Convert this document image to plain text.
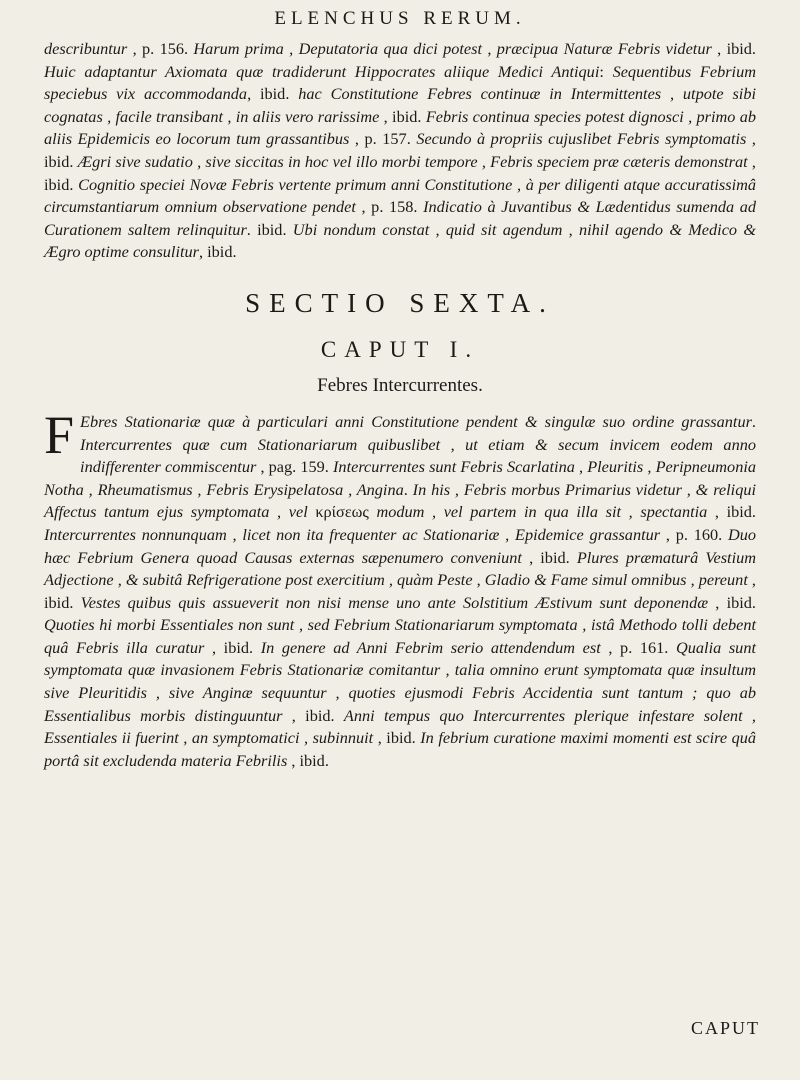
ELENCHUS RERUM.

describuntur , p. 156. Harum prima , Deputatoria qua dici potest , præcipua Naturæ Febris videtur , ibid. Huic adaptantur Axiomata quæ tradiderunt Hippocrates aliique Medici Antiqui: Sequentibus Febrium speciebus vix accommodanda, ibid. hac Constitutione Febres continuæ in Intermittentes , utpote sibi cognatas , facile transibant , in aliis vero rarissime , ibid. Febris continua species potest dignosci , primo ab aliis Epidemicis eo locorum tum grassantibus , p. 157. Secundo à propriis cujuslibet Febris symptomatis , ibid. Ægri sive sudatio , sive siccitas in hoc vel illo morbi tempore , Febris speciem præ cæteris demonstrat , ibid. Cognitio speciei Novæ Febris vertente primum anni Constitutione , à per diligenti atque accuratissimâ circumstantiarum omnium observatione pendet , p. 158. Indicatio à Juvantibus & Lædentidus sumenda ad Curationem saltem relinquitur. ibid. Ubi nondum constat , quid sit agendum , nihil agendo & Medico & Ægro optime consulitur, ibid.

SECTIO SEXTA.
CAPUT I.
Febres Intercurrentes.

F Ebres Stationariæ quæ à particulari anni Constitutione pendent & singulæ suo ordine grassantur. Intercurrentes quæ cum Stationariarum quibuslibet , ut etiam & secum invicem eodem anno indifferenter commiscentur , pag. 159. Intercurrentes sunt Febris Scarlatina , Pleuritis , Peripneumonia Notha , Rheumatismus , Febris Erysipelatosa , Angina. In his , Febris morbus Primarius videtur , & reliqui Affectus tantum ejus symptomata , vel κρίσεως modum , vel partem in qua illa sit , spectantia , ibid. Intercurrentes nonnunquam , licet non ita frequenter ac Stationariæ , Epidemice grassantur , p. 160. Duo hæc Febrium Genera quoad Causas externas sæpenumero conveniunt , ibid. Plures præmaturâ Vestium Adjectione , & subitâ Refrigeratione post exercitium , quàm Peste , Gladio & Fame simul omnibus , pereunt , ibid. Vestes quibus quis assueverit non nisi mense uno ante Solstitium Æstivum sunt deponendæ , ibid. Quoties hi morbi Essentiales non sunt , sed Febrium Stationariarum symptomata , istâ Methodo tolli debent quâ Febris illa curatur , ibid. In genere ad Anni Febrim serio attendendum est , p. 161. Qualia sunt symptomata quæ invasionem Febris Stationariæ comitantur , talia omnino erunt symptomata quæ insultum sive Pleuritidis , sive Anginæ sequuntur , quoties ejusmodi Febris Accidentia sunt tantum ; quo ab Essentialibus morbis distinguuntur , ibid. Anni tempus quo Intercurrentes plerique infestare solent , Essentiales ii fuerint , an symptomatici , subinnuit , ibid. In febrium curatione maximi momenti est scire quâ portâ sit excludenda materia Febrilis , ibid.

CAPUT
